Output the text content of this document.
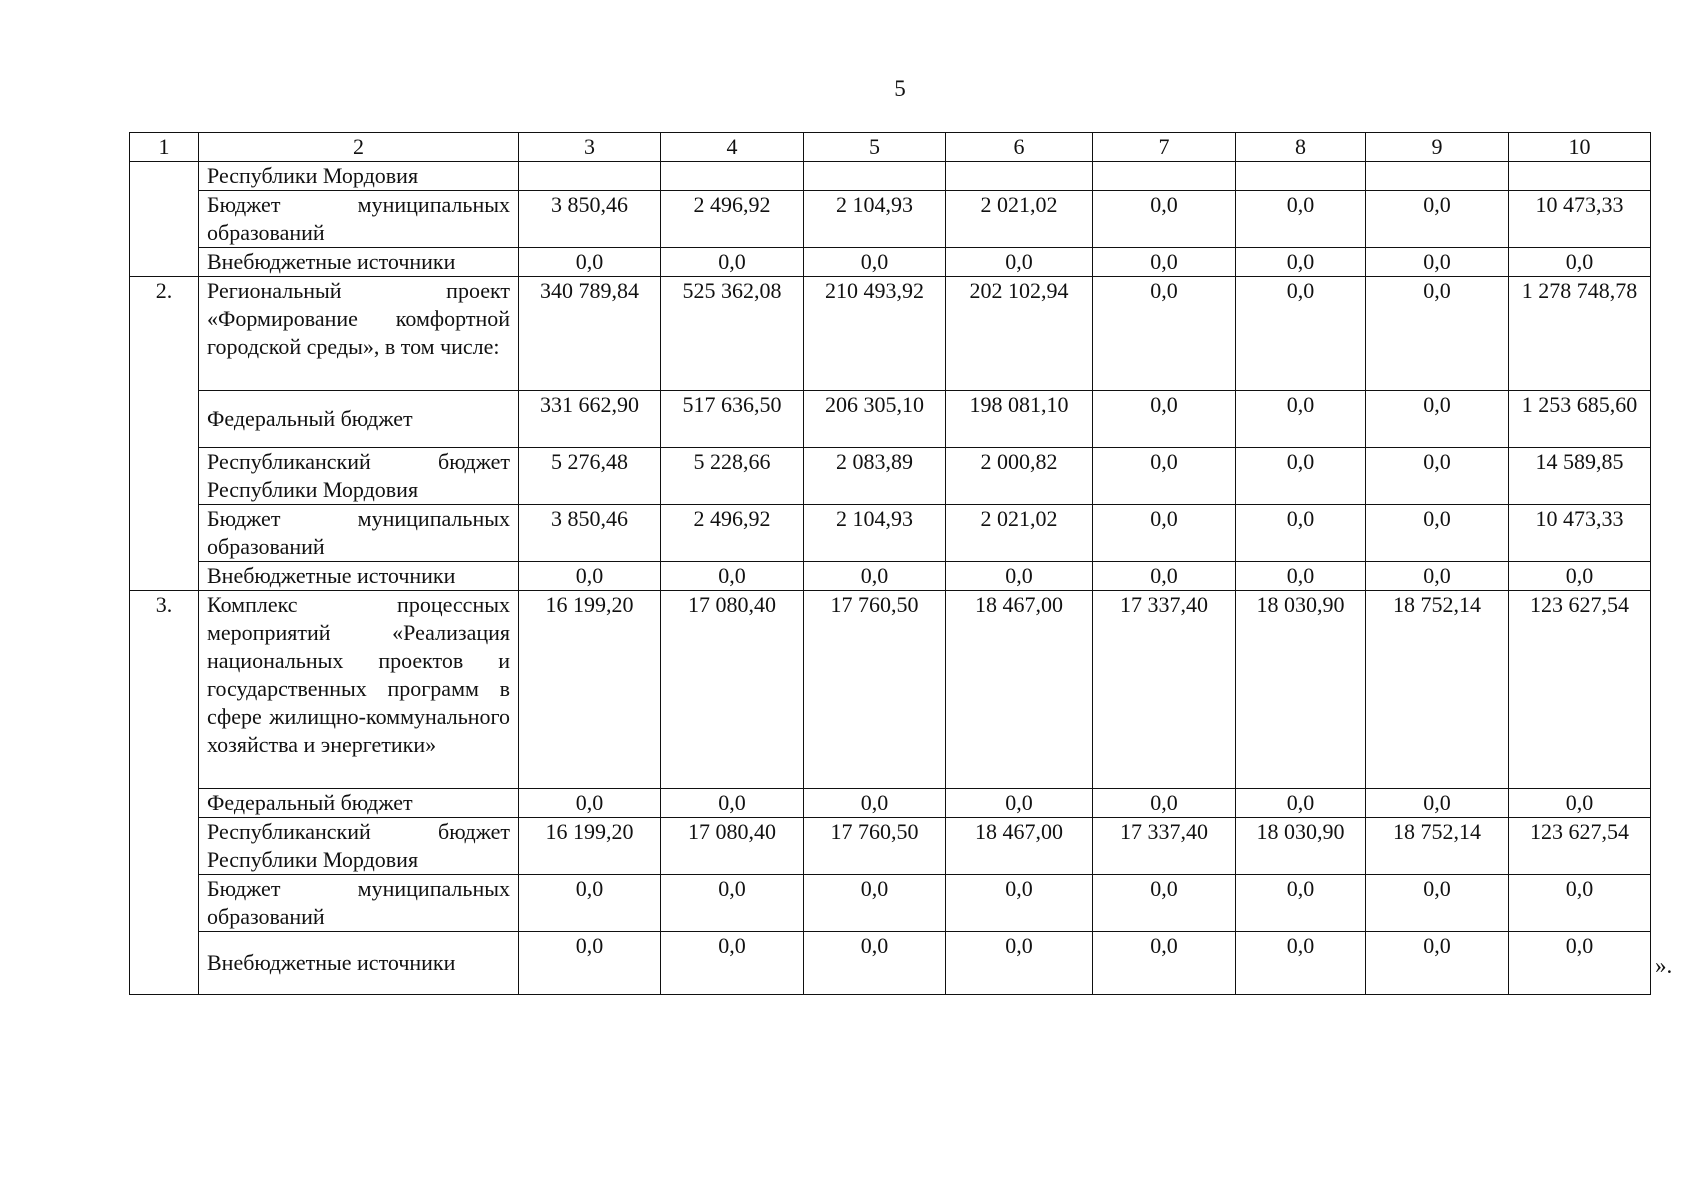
5
1	2	3	4	5	6	7	8	9	10
	Республики Мордовия								
	Бюджет муниципальных образований	3 850,46	2 496,92	2 104,93	2 021,02	0,0	0,0	0,0	10 473,33
	Внебюджетные источники	0,0	0,0	0,0	0,0	0,0	0,0	0,0	0,0
2.	Региональный проект «Формирование комфортной городской среды», в том числе:	340 789,84	525 362,08	210 493,92	202 102,94	0,0	0,0	0,0	1 278 748,78
	Федеральный бюджет	331 662,90	517 636,50	206 305,10	198 081,10	0,0	0,0	0,0	1 253 685,60
	Республиканский бюджет Республики Мордовия	5 276,48	5 228,66	2 083,89	2 000,82	0,0	0,0	0,0	14 589,85
	Бюджет муниципальных образований	3 850,46	2 496,92	2 104,93	2 021,02	0,0	0,0	0,0	10 473,33
	Внебюджетные источники	0,0	0,0	0,0	0,0	0,0	0,0	0,0	0,0
3.	Комплекс процессных мероприятий «Реализация национальных проектов и государственных программ в сфере жилищно-коммунального хозяйства и энергетики»	16 199,20	17 080,40	17 760,50	18 467,00	17 337,40	18 030,90	18 752,14	123 627,54
	Федеральный бюджет	0,0	0,0	0,0	0,0	0,0	0,0	0,0	0,0
	Республиканский бюджет Республики Мордовия	16 199,20	17 080,40	17 760,50	18 467,00	17 337,40	18 030,90	18 752,14	123 627,54
	Бюджет муниципальных образований	0,0	0,0	0,0	0,0	0,0	0,0	0,0	0,0
	Внебюджетные источники	0,0	0,0	0,0	0,0	0,0	0,0	0,0	0,0
».
